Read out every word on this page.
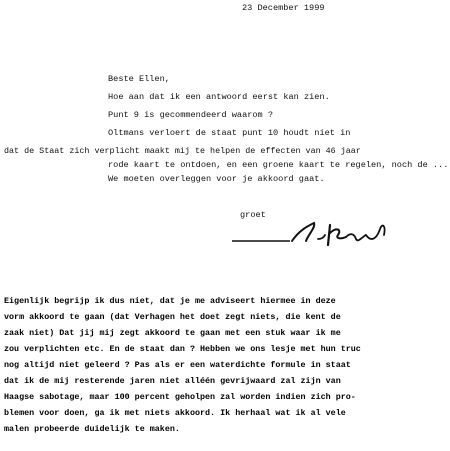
23 December 1999
Beste Ellen,
Hoe aan dat ik een antwoord eerst kan zien.
Punt 9 is gecommendeerd waarom ?
Oltmans verloert de staat punt 10 houdt niet in
dat de Staat zich verplicht maakt mij te helpen de effecten van 46 jaar
rode kaart te ontdoen, en een groene kaart te regelen, noch de ...
We moeten overleggen voor je akkoord gaat.
groet
Eigenlijk begrijp ik dus niet, dat je me adviseert hiermee in deze
vorm akkoord te gaan (dat Verhagen het doet zegt niets, die kent de
zaak niet) Dat jij mij zegt akkoord te gaan met een stuk waar ik me
zou verplichten etc. En de staat dan ? Hebben we ons lesje met hun truc
nog altijd niet geleerd ? Pas als er een waterdichte formule in staat
dat ik de mij resterende jaren niet alléén gevrijwaard zal zijn van
Haagse sabotage, maar 100 percent geholpen zal worden indien zich pro-
blemen voor doen, ga ik met niets akkoord. Ik herhaal wat ik al vele
malen probeerde duidelijk te maken.
